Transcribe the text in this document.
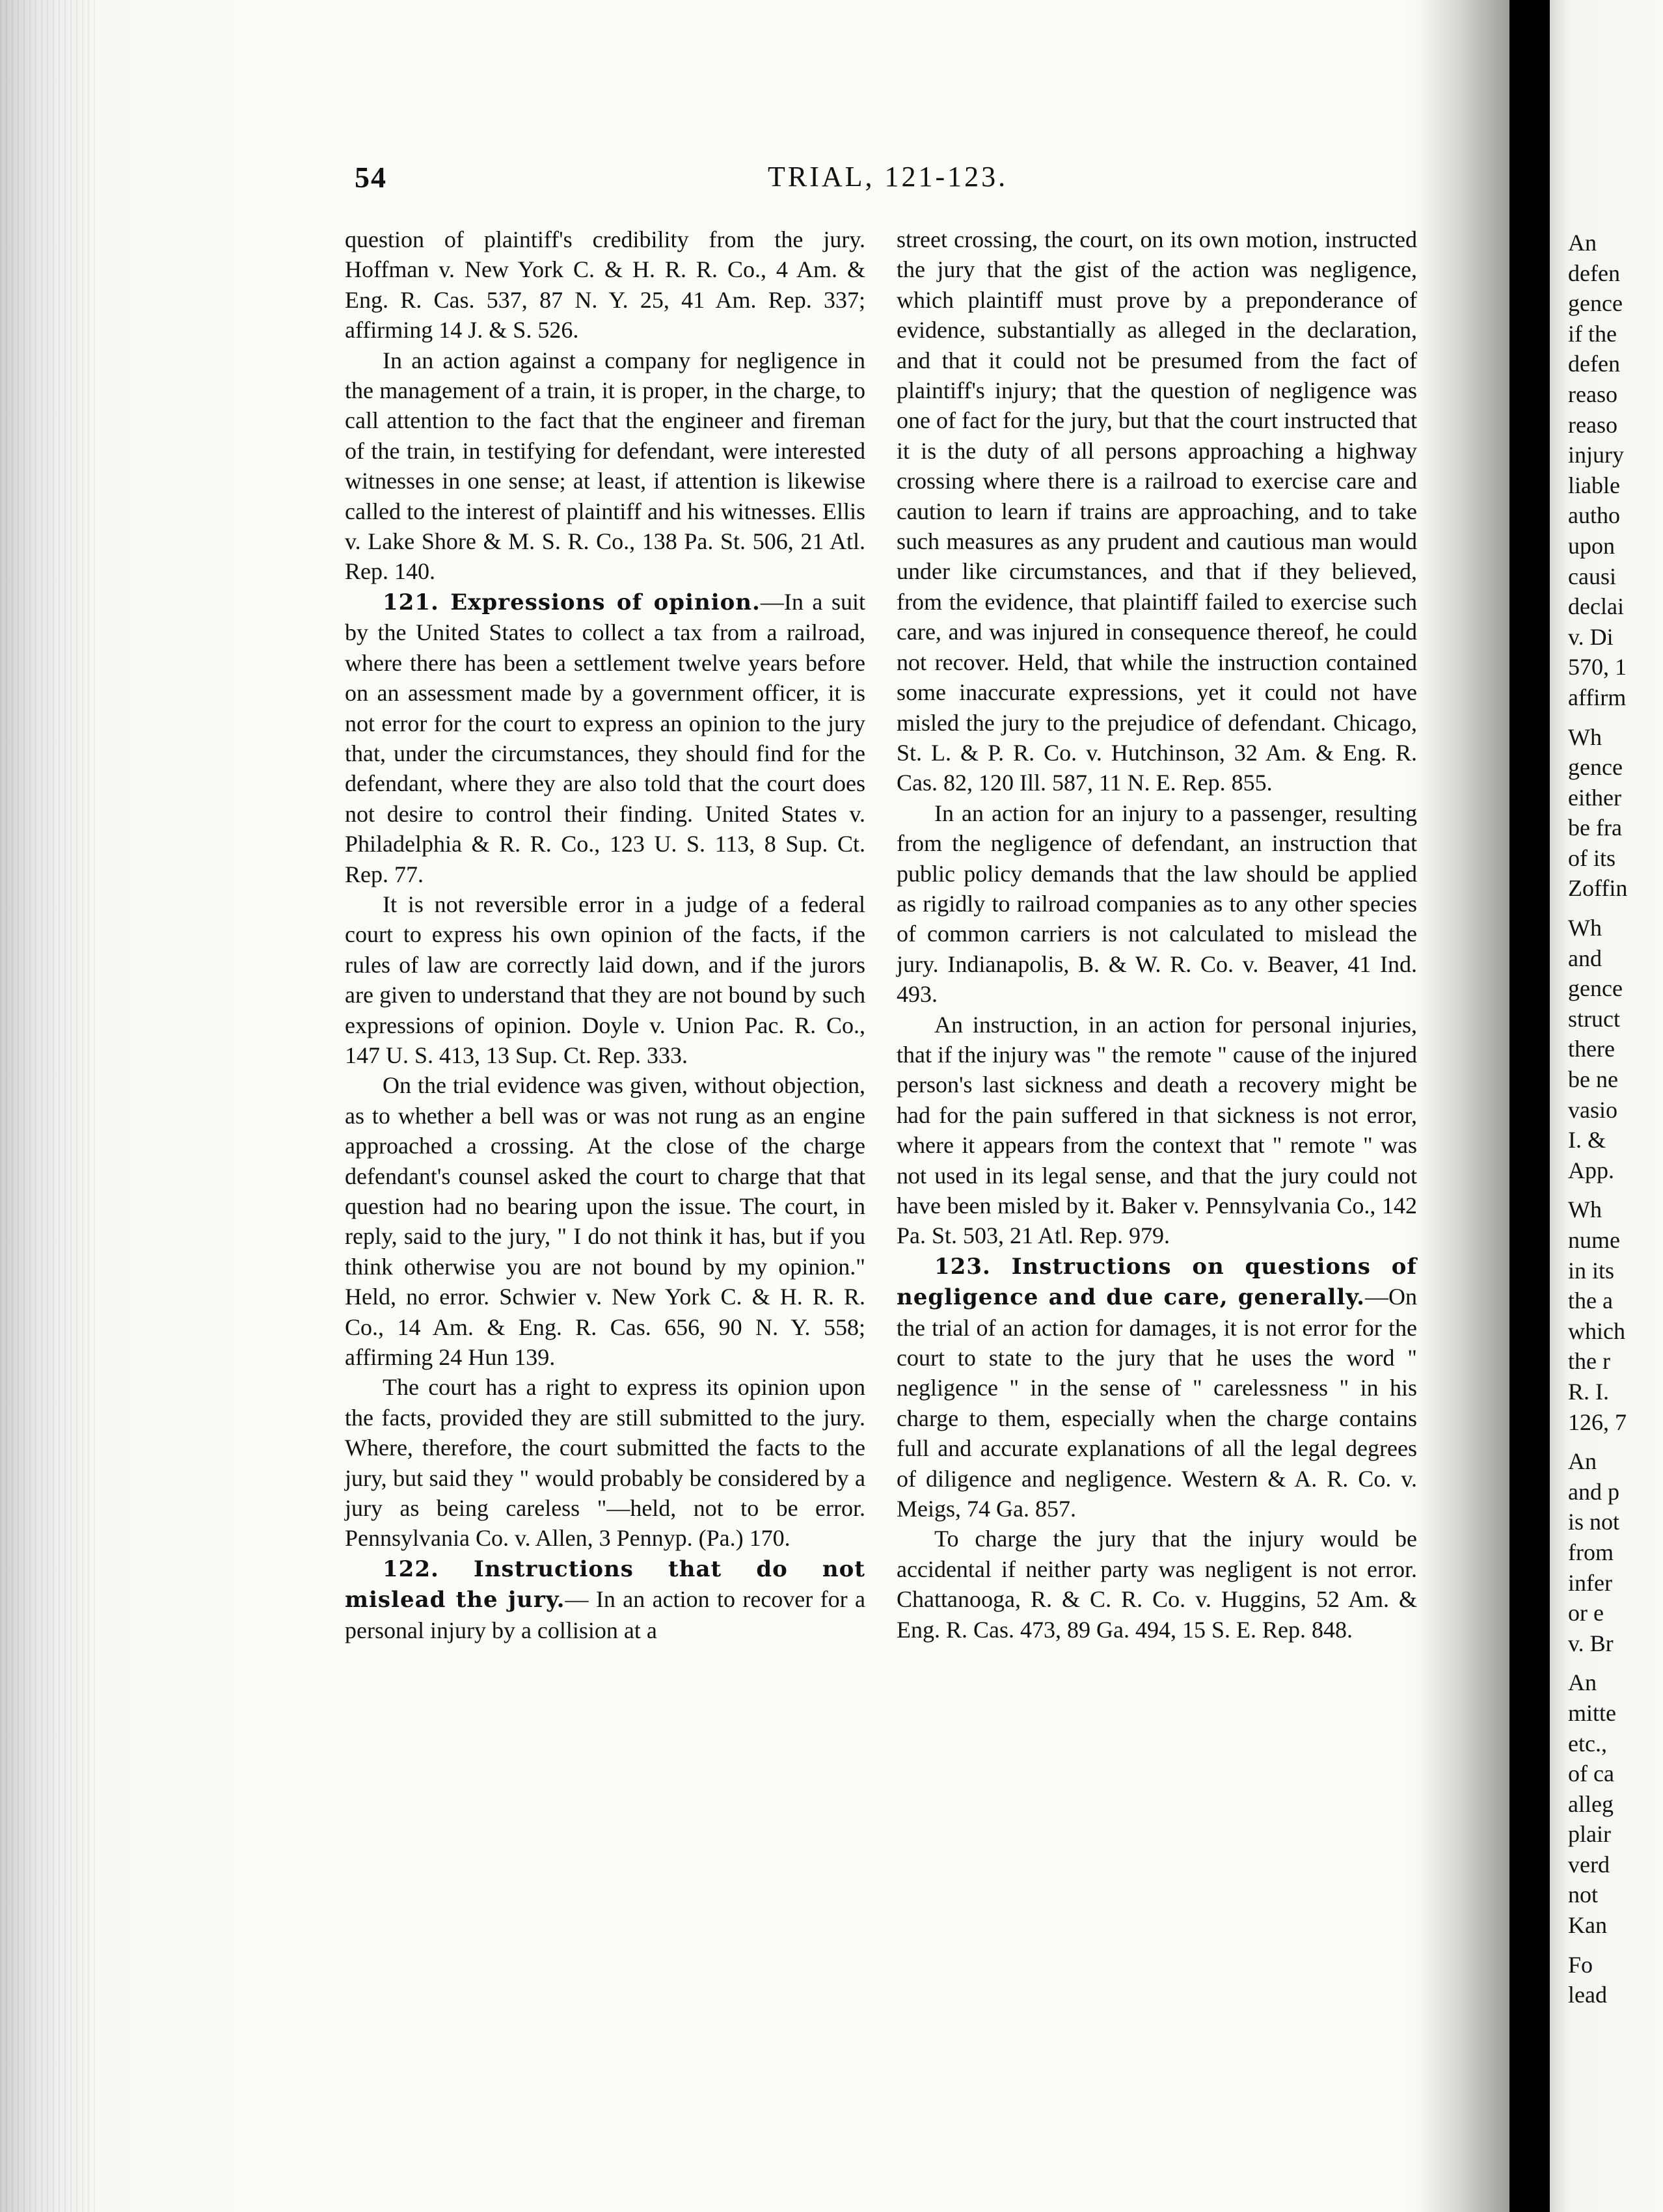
54	TRIAL, 121-123.

question of plaintiff's credibility from the jury. Hoffman v. New York C. & H. R. R. Co., 4 Am. & Eng. R. Cas. 537, 87 N. Y. 25, 41 Am. Rep. 337; affirming 14 J. & S. 526.

In an action against a company for negligence in the management of a train, it is proper, in the charge, to call attention to the fact that the engineer and fireman of the train, in testifying for defendant, were interested witnesses in one sense; at least, if attention is likewise called to the interest of plaintiff and his witnesses. Ellis v. Lake Shore & M. S. R. Co., 138 Pa. St. 506, 21 Atl. Rep. 140.

121. Expressions of opinion.—In a suit by the United States to collect a tax from a railroad, where there has been a settlement twelve years before on an assessment made by a government officer, it is not error for the court to express an opinion to the jury that, under the circumstances, they should find for the defendant, where they are also told that the court does not desire to control their finding. United States v. Philadelphia & R. R. Co., 123 U. S. 113, 8 Sup. Ct. Rep. 77.

It is not reversible error in a judge of a federal court to express his own opinion of the facts, if the rules of law are correctly laid down, and if the jurors are given to understand that they are not bound by such expressions of opinion. Doyle v. Union Pac. R. Co., 147 U. S. 413, 13 Sup. Ct. Rep. 333.

On the trial evidence was given, without objection, as to whether a bell was or was not rung as an engine approached a crossing. At the close of the charge defendant's counsel asked the court to charge that that question had no bearing upon the issue. The court, in reply, said to the jury, " I do not think it has, but if you think otherwise you are not bound by my opinion." Held, no error. Schwier v. New York C. & H. R. R. Co., 14 Am. & Eng. R. Cas. 656, 90 N. Y. 558; affirming 24 Hun 139.

The court has a right to express its opinion upon the facts, provided they are still submitted to the jury. Where, therefore, the court submitted the facts to the jury, but said they " would probably be considered by a jury as being careless "—held, not to be error. Pennsylvania Co. v. Allen, 3 Pennyp. (Pa.) 170.

122. Instructions that do not mislead the jury.— In an action to recover for a personal injury by a collision at a

street crossing, the court, on its own motion, instructed the jury that the gist of the action was negligence, which plaintiff must prove by a preponderance of evidence, substantially as alleged in the declaration, and that it could not be presumed from the fact of plaintiff's injury; that the question of negligence was one of fact for the jury, but that the court instructed that it is the duty of all persons approaching a highway crossing where there is a railroad to exercise care and caution to learn if trains are approaching, and to take such measures as any prudent and cautious man would under like circumstances, and that if they believed, from the evidence, that plaintiff failed to exercise such care, and was injured in consequence thereof, he could not recover. Held, that while the instruction contained some inaccurate expressions, yet it could not have misled the jury to the prejudice of defendant. Chicago, St. L. & P. R. Co. v. Hutchinson, 32 Am. & Eng. R. Cas. 82, 120 Ill. 587, 11 N. E. Rep. 855.

In an action for an injury to a passenger, resulting from the negligence of defendant, an instruction that public policy demands that the law should be applied as rigidly to railroad companies as to any other species of common carriers is not calculated to mislead the jury. Indianapolis, B. & W. R. Co. v. Beaver, 41 Ind. 493.

An instruction, in an action for personal injuries, that if the injury was " the remote " cause of the injured person's last sickness and death a recovery might be had for the pain suffered in that sickness is not error, where it appears from the context that " remote " was not used in its legal sense, and that the jury could not have been misled by it. Baker v. Pennsylvania Co., 142 Pa. St. 503, 21 Atl. Rep. 979.

123. Instructions on questions of negligence and due care, generally.—On the trial of an action for damages, it is not error for the court to state to the jury that he uses the word " negligence " in the sense of " carelessness " in his charge to them, especially when the charge contains full and accurate explanations of all the legal degrees of diligence and negligence. Western & A. R. Co. v. Meigs, 74 Ga. 857.

To charge the jury that the injury would be accidental if neither party was negligent is not error. Chattanooga, R. & C. R. Co. v. Huggins, 52 Am. & Eng. R. Cas. 473, 89 Ga. 494, 15 S. E. Rep. 848.

An
defen
gence
if the
defen
reaso
reaso
injury
liable
autho
upon
causi
declai
v. Di
570, 1
affirm
Wh
gence
either
be fra
of its
Zoffin
Wh
and
gence
struct
there
be ne
vasio
I. &
App.
Wh
nume
in its
the a
which
the r
R. I.
126, 7
An
and p
is not
from
infer
or e
v. Br
An
mitte
etc.,
of ca
alleg
plair
verd
not
Kan
Fo
lead
